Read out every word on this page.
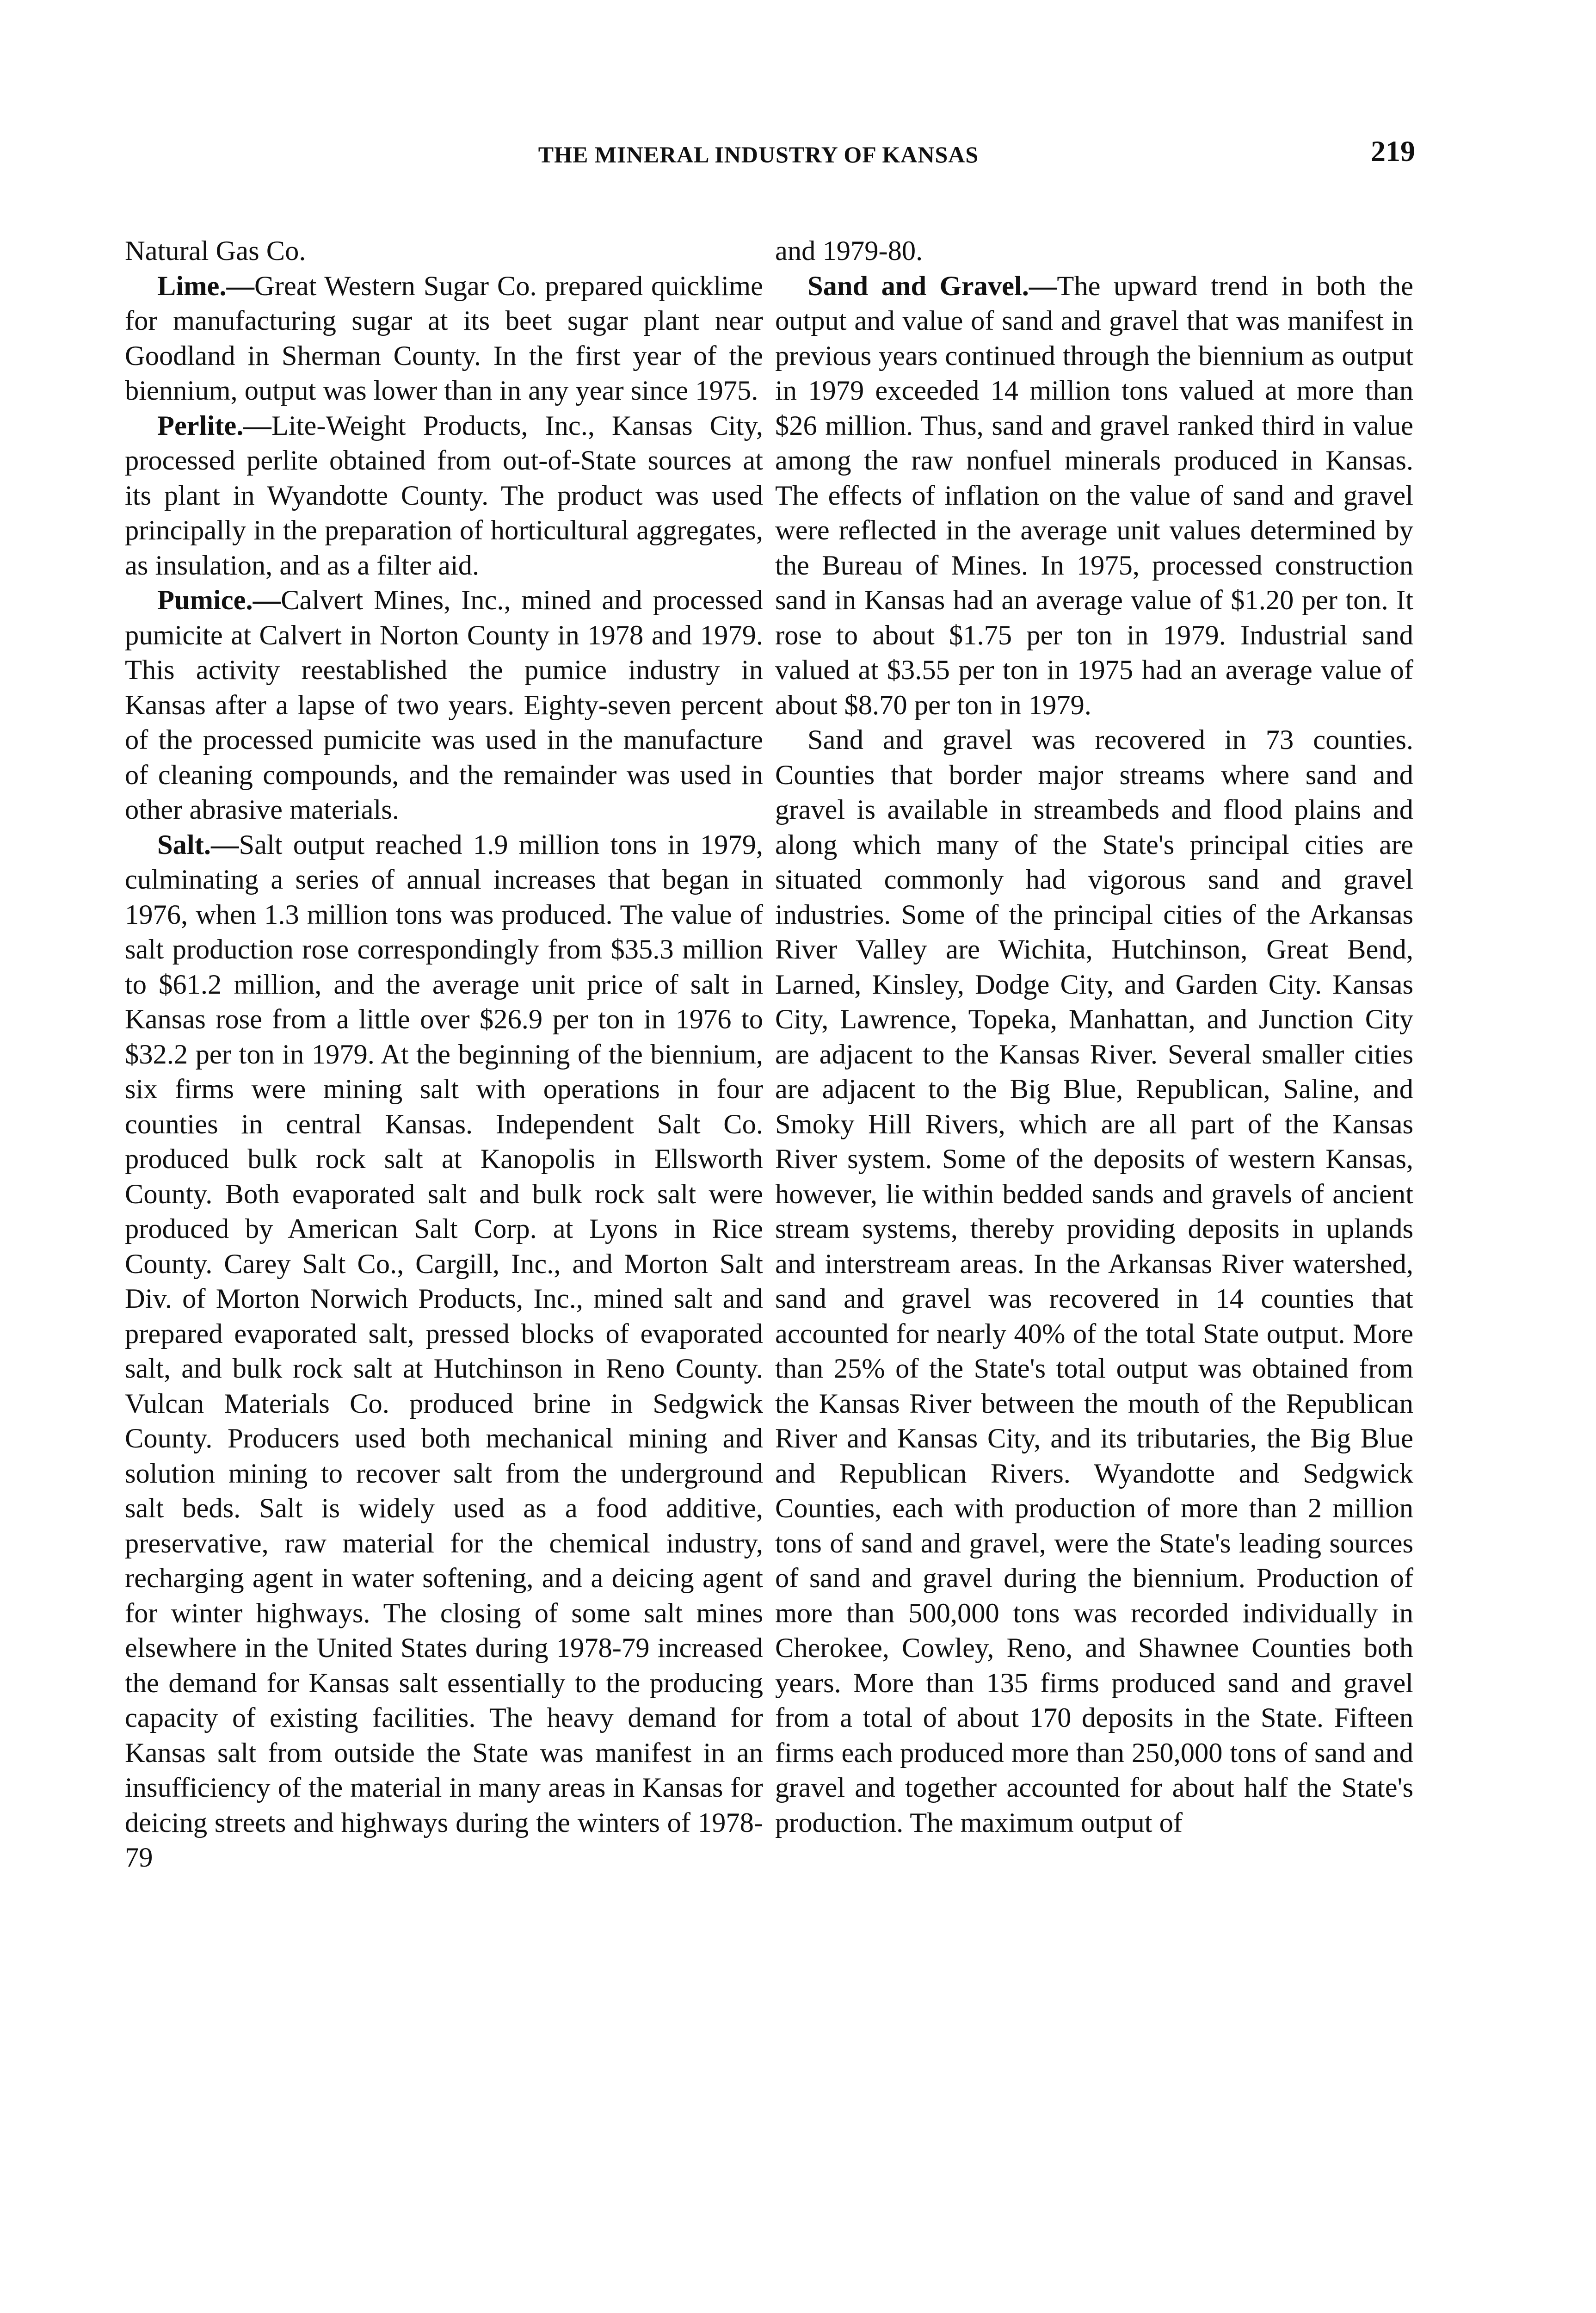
THE MINERAL INDUSTRY OF KANSAS	219

Natural Gas Co.

Lime.—Great Western Sugar Co. prepared quicklime for manufacturing sugar at its beet sugar plant near Goodland in Sherman County. In the first year of the biennium, output was lower than in any year since 1975.

Perlite.—Lite-Weight Products, Inc., Kansas City, processed perlite obtained from out-of-State sources at its plant in Wyandotte County. The product was used principally in the preparation of horticultural aggregates, as insulation, and as a filter aid.

Pumice.—Calvert Mines, Inc., mined and processed pumicite at Calvert in Norton County in 1978 and 1979. This activity reestablished the pumice industry in Kansas after a lapse of two years. Eighty-seven percent of the processed pumicite was used in the manufacture of cleaning compounds, and the remainder was used in other abrasive materials.

Salt.—Salt output reached 1.9 million tons in 1979, culminating a series of annual increases that began in 1976, when 1.3 million tons was produced. The value of salt production rose correspondingly from $35.3 million to $61.2 million, and the average unit price of salt in Kansas rose from a little over $26.9 per ton in 1976 to $32.2 per ton in 1979. At the beginning of the biennium, six firms were mining salt with operations in four counties in central Kansas. Independent Salt Co. produced bulk rock salt at Kanopolis in Ellsworth County. Both evaporated salt and bulk rock salt were produced by American Salt Corp. at Lyons in Rice County. Carey Salt Co., Cargill, Inc., and Morton Salt Div. of Morton Norwich Products, Inc., mined salt and prepared evaporated salt, pressed blocks of evaporated salt, and bulk rock salt at Hutchinson in Reno County. Vulcan Materials Co. produced brine in Sedgwick County. Producers used both mechanical mining and solution mining to recover salt from the underground salt beds. Salt is widely used as a food additive, preservative, raw material for the chemical industry, recharging agent in water softening, and a deicing agent for winter highways. The closing of some salt mines elsewhere in the United States during 1978-79 increased the demand for Kansas salt essentially to the producing capacity of existing facilities. The heavy demand for Kansas salt from outside the State was manifest in an insufficiency of the material in many areas in Kansas for deicing streets and highways during the winters of 1978-79

and 1979-80.

Sand and Gravel.—The upward trend in both the output and value of sand and gravel that was manifest in previous years continued through the biennium as output in 1979 exceeded 14 million tons valued at more than $26 million. Thus, sand and gravel ranked third in value among the raw nonfuel minerals produced in Kansas. The effects of inflation on the value of sand and gravel were reflected in the average unit values determined by the Bureau of Mines. In 1975, processed construction sand in Kansas had an average value of $1.20 per ton. It rose to about $1.75 per ton in 1979. Industrial sand valued at $3.55 per ton in 1975 had an average value of about $8.70 per ton in 1979.

Sand and gravel was recovered in 73 counties. Counties that border major streams where sand and gravel is available in streambeds and flood plains and along which many of the State's principal cities are situated commonly had vigorous sand and gravel industries. Some of the principal cities of the Arkansas River Valley are Wichita, Hutchinson, Great Bend, Larned, Kinsley, Dodge City, and Garden City. Kansas City, Lawrence, Topeka, Manhattan, and Junction City are adjacent to the Kansas River. Several smaller cities are adjacent to the Big Blue, Republican, Saline, and Smoky Hill Rivers, which are all part of the Kansas River system. Some of the deposits of western Kansas, however, lie within bedded sands and gravels of ancient stream systems, thereby providing deposits in uplands and interstream areas. In the Arkansas River watershed, sand and gravel was recovered in 14 counties that accounted for nearly 40% of the total State output. More than 25% of the State's total output was obtained from the Kansas River between the mouth of the Republican River and Kansas City, and its tributaries, the Big Blue and Republican Rivers. Wyandotte and Sedgwick Counties, each with production of more than 2 million tons of sand and gravel, were the State's leading sources of sand and gravel during the biennium. Production of more than 500,000 tons was recorded individually in Cherokee, Cowley, Reno, and Shawnee Counties both years. More than 135 firms produced sand and gravel from a total of about 170 deposits in the State. Fifteen firms each produced more than 250,000 tons of sand and gravel and together accounted for about half the State's production. The maximum output of
